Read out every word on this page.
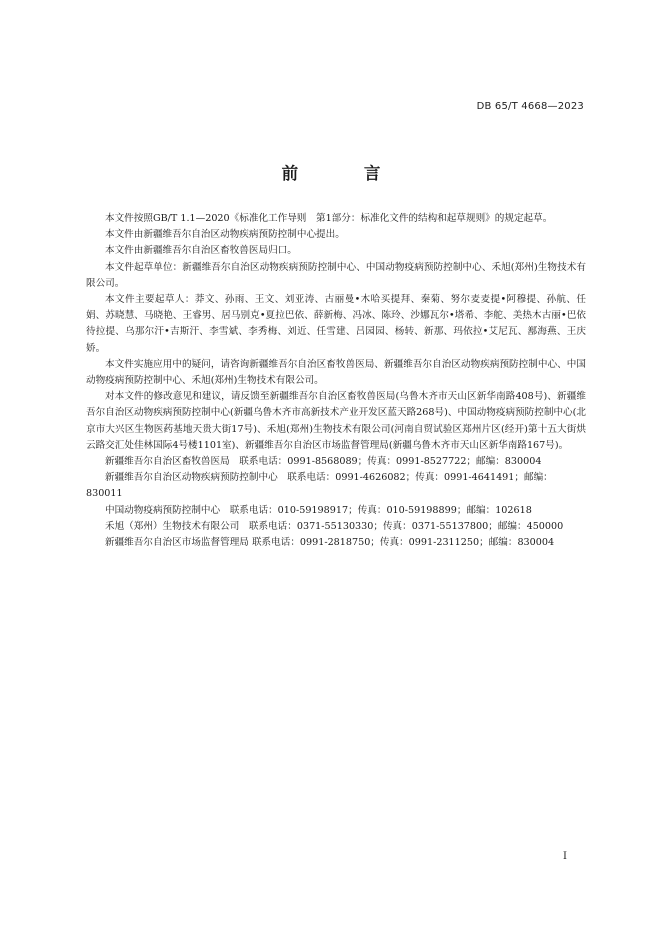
DB 65/T 4668—2023
前 言

本文件按照GB/T 1.1—2020《标准化工作导则　第1部分：标准化文件的结构和起草规则》的规定起草。

本文件由新疆维吾尔自治区动物疾病预防控制中心提出。

本文件由新疆维吾尔自治区畜牧兽医局归口。

本文件起草单位：新疆维吾尔自治区动物疾病预防控制中心、中国动物疫病预防控制中心、禾旭(郑州)生物技术有限公司。

本文件主要起草人：莽文、孙雨、王文、刘亚涛、古丽曼•木哈买提拜、秦菊、努尔麦麦提•阿穆提、孙航、任娟、苏晓慧、马晓艳、王睿男、居马别克•夏拉巴依、薛新梅、冯冰、陈玲、沙娜瓦尔•塔希、李舵、美热木古丽•巴依待拉提、乌那尔汗•吉斯汗、李雪斌、李秀梅、刘近、任雪建、吕园园、杨转、新那、玛依拉•艾尼瓦、鄯海燕、王庆娇。

本文件实施应用中的疑问，请咨询新疆维吾尔自治区畜牧兽医局、新疆维吾尔自治区动物疾病预防控制中心、中国动物疫病预防控制中心、禾旭(郑州)生物技术有限公司。

对本文件的修改意见和建议，请反馈至新疆维吾尔自治区畜牧兽医局(乌鲁木齐市天山区新华南路408号)、新疆维吾尔自治区动物疾病预防控制中心(新疆乌鲁木齐市高新技术产业开发区蓝天路268号)、中国动物疫病预防控制中心(北京市大兴区生物医药基地天贵大街17号)、禾旭(郑州)生物技术有限公司(河南自贸试验区郑州片区(经开)第十五大街烘云路交汇处佳林国际4号楼1101室)、新疆维吾尔自治区市场监督管理局(新疆乌鲁木齐市天山区新华南路167号)。

新疆维吾尔自治区畜牧兽医局　联系电话：0991-8568089；传真：0991-8527722；邮编：830004

新疆维吾尔自治区动物疾病预防控制中心　联系电话：0991-4626082；传真：0991-4641491；邮编：830011

中国动物疫病预防控制中心　联系电话：010-59198917；传真：010-59198899；邮编：102618

禾旭（郑州）生物技术有限公司　联系电话：0371-55130330；传真：0371-55137800；邮编：450000

新疆维吾尔自治区市场监督管理局 联系电话：0991-2818750；传真：0991-2311250；邮编：830004

I
